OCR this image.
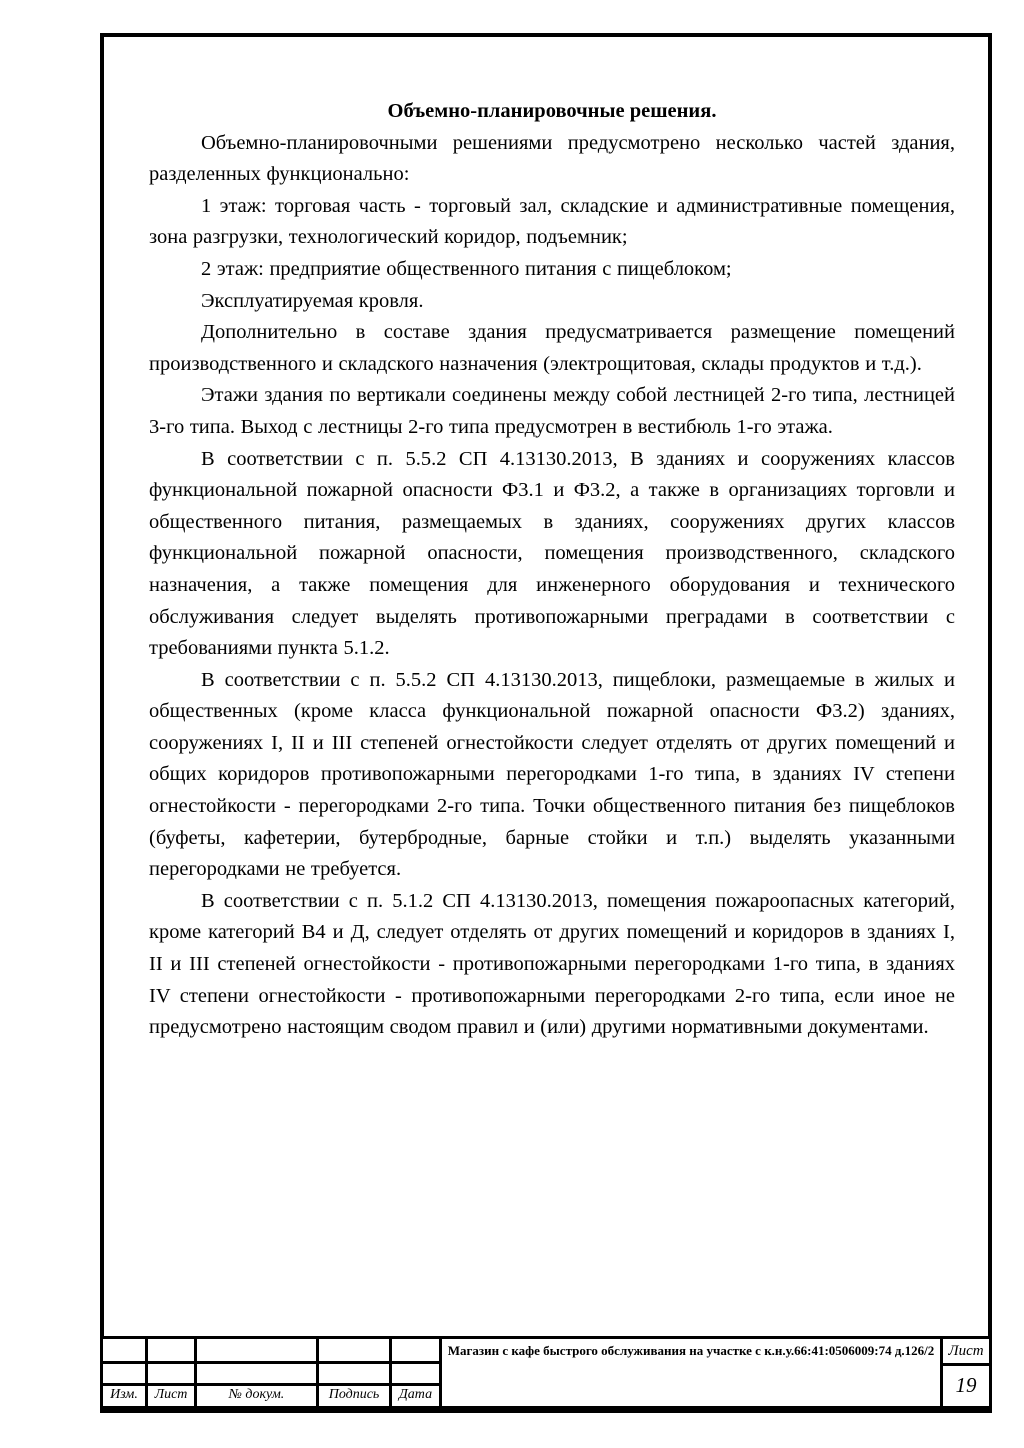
Объемно-планировочные решения.

Объемно-планировочными решениями предусмотрено несколько частей здания, разделенных функционально:

1 этаж: торговая часть - торговый зал, складские и административные помещения, зона разгрузки, технологический коридор, подъемник;

2 этаж: предприятие общественного питания с пищеблоком;

Эксплуатируемая кровля.

Дополнительно в составе здания предусматривается размещение помещений производственного и складского назначения (электрощитовая, склады продуктов и т.д.).

Этажи здания по вертикали соединены между собой лестницей 2-го типа, лестницей 3-го типа. Выход с лестницы 2-го типа предусмотрен в вестибюль 1-го этажа.

В соответствии с п. 5.5.2 СП 4.13130.2013, В зданиях и сооружениях классов функциональной пожарной опасности Ф3.1 и Ф3.2, а также в организациях торговли и общественного питания, размещаемых в зданиях, сооружениях других классов функциональной пожарной опасности, помещения производственного, складского назначения, а также помещения для инженерного оборудования и технического обслуживания следует выделять противопожарными преградами в соответствии с требованиями пункта 5.1.2.

В соответствии с п. 5.5.2 СП 4.13130.2013, пищеблоки, размещаемые в жилых и общественных (кроме класса функциональной пожарной опасности Ф3.2) зданиях, сооружениях I, II и III степеней огнестойкости следует отделять от других помещений и общих коридоров противопожарными перегородками 1-го типа, в зданиях IV степени огнестойкости - перегородками 2-го типа. Точки общественного питания без пищеблоков (буфеты, кафетерии, бутербродные, барные стойки и т.п.) выделять указанными перегородками не требуется.

В соответствии с п. 5.1.2 СП 4.13130.2013, помещения пожароопасных категорий, кроме категорий В4 и Д, следует отделять от других помещений и коридоров в зданиях I, II и III степеней огнестойкости - противопожарными перегородками 1-го типа, в зданиях IV степени огнестойкости - противопожарными перегородками 2-го типа, если иное не предусмотрено настоящим сводом правил и (или) другими нормативными документами.

Изм.	Лист	№ докум.	Подпись	Дата
Магазин с кафе быстрого обслуживания на участке с к.н.у.66:41:0506009:74 д.126/2 Лист
19
